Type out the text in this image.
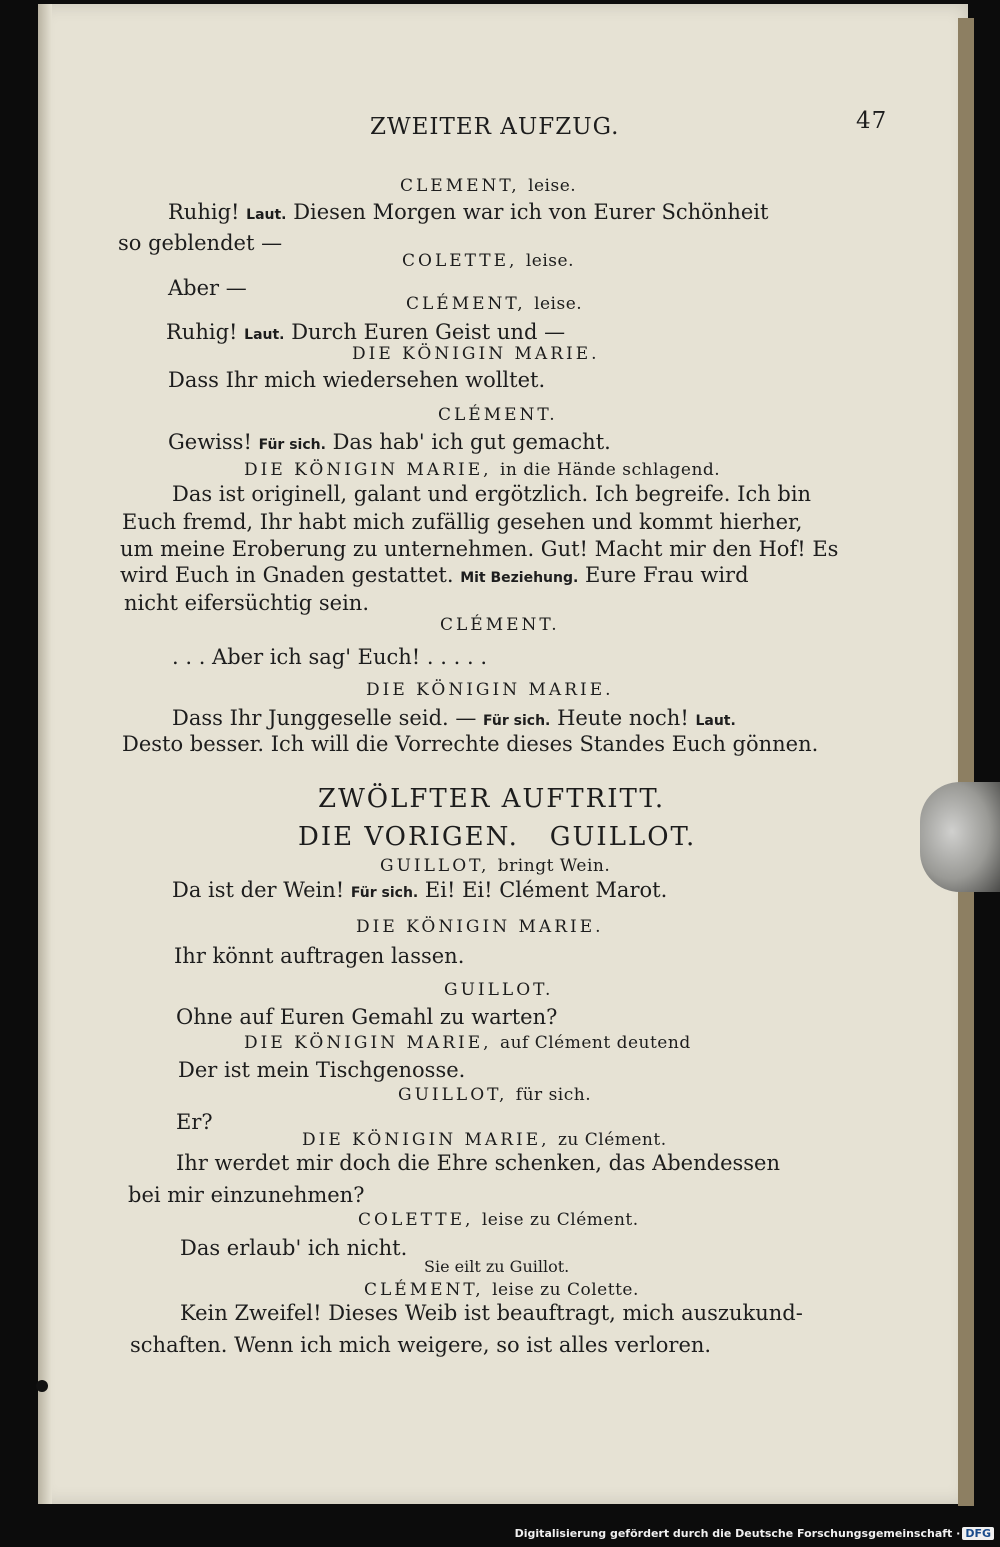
ZWEITER AUFZUG.	47
CLEMENT, leise.
Ruhig! Laut. Diesen Morgen war ich von Eurer Schönheit
so geblendet —
COLETTE, leise.
Aber —
CLÉMENT, leise.
Ruhig! Laut. Durch Euren Geist und —
DIE KÖNIGIN MARIE.
Dass Ihr mich wiedersehen wolltet.
CLÉMENT.
Gewiss! Für sich. Das hab' ich gut gemacht.
DIE KÖNIGIN MARIE, in die Hände schlagend.
Das ist originell, galant und ergötzlich. Ich begreife. Ich bin
Euch fremd, Ihr habt mich zufällig gesehen und kommt hierher,
um meine Eroberung zu unternehmen. Gut! Macht mir den Hof! Es
wird Euch in Gnaden gestattet. Mit Beziehung. Eure Frau wird
nicht eifersüchtig sein.
CLÉMENT.
. . . Aber ich sag' Euch! . . . . .
DIE KÖNIGIN MARIE.
Dass Ihr Junggeselle seid. — Für sich. Heute noch! Laut.
Desto besser. Ich will die Vorrechte dieses Standes Euch gönnen.
ZWÖLFTER AUFTRITT.
DIE VORIGEN.   GUILLOT.
GUILLOT, bringt Wein.
Da ist der Wein! Für sich. Ei! Ei! Clément Marot.
DIE KÖNIGIN MARIE.
Ihr könnt auftragen lassen.
GUILLOT.
Ohne auf Euren Gemahl zu warten?
DIE KÖNIGIN MARIE, auf Clément deutend
Der ist mein Tischgenosse.
GUILLOT, für sich.
Er?
DIE KÖNIGIN MARIE, zu Clément.
Ihr werdet mir doch die Ehre schenken, das Abendessen
bei mir einzunehmen?
COLETTE, leise zu Clément.
Das erlaub' ich nicht.
Sie eilt zu Guillot.
CLÉMENT, leise zu Colette.
Kein Zweifel! Dieses Weib ist beauftragt, mich auszukund-
schaften. Wenn ich mich weigere, so ist alles verloren.
Digitalisierung gefördert durch die Deutsche Forschungsgemeinschaft · DFG
